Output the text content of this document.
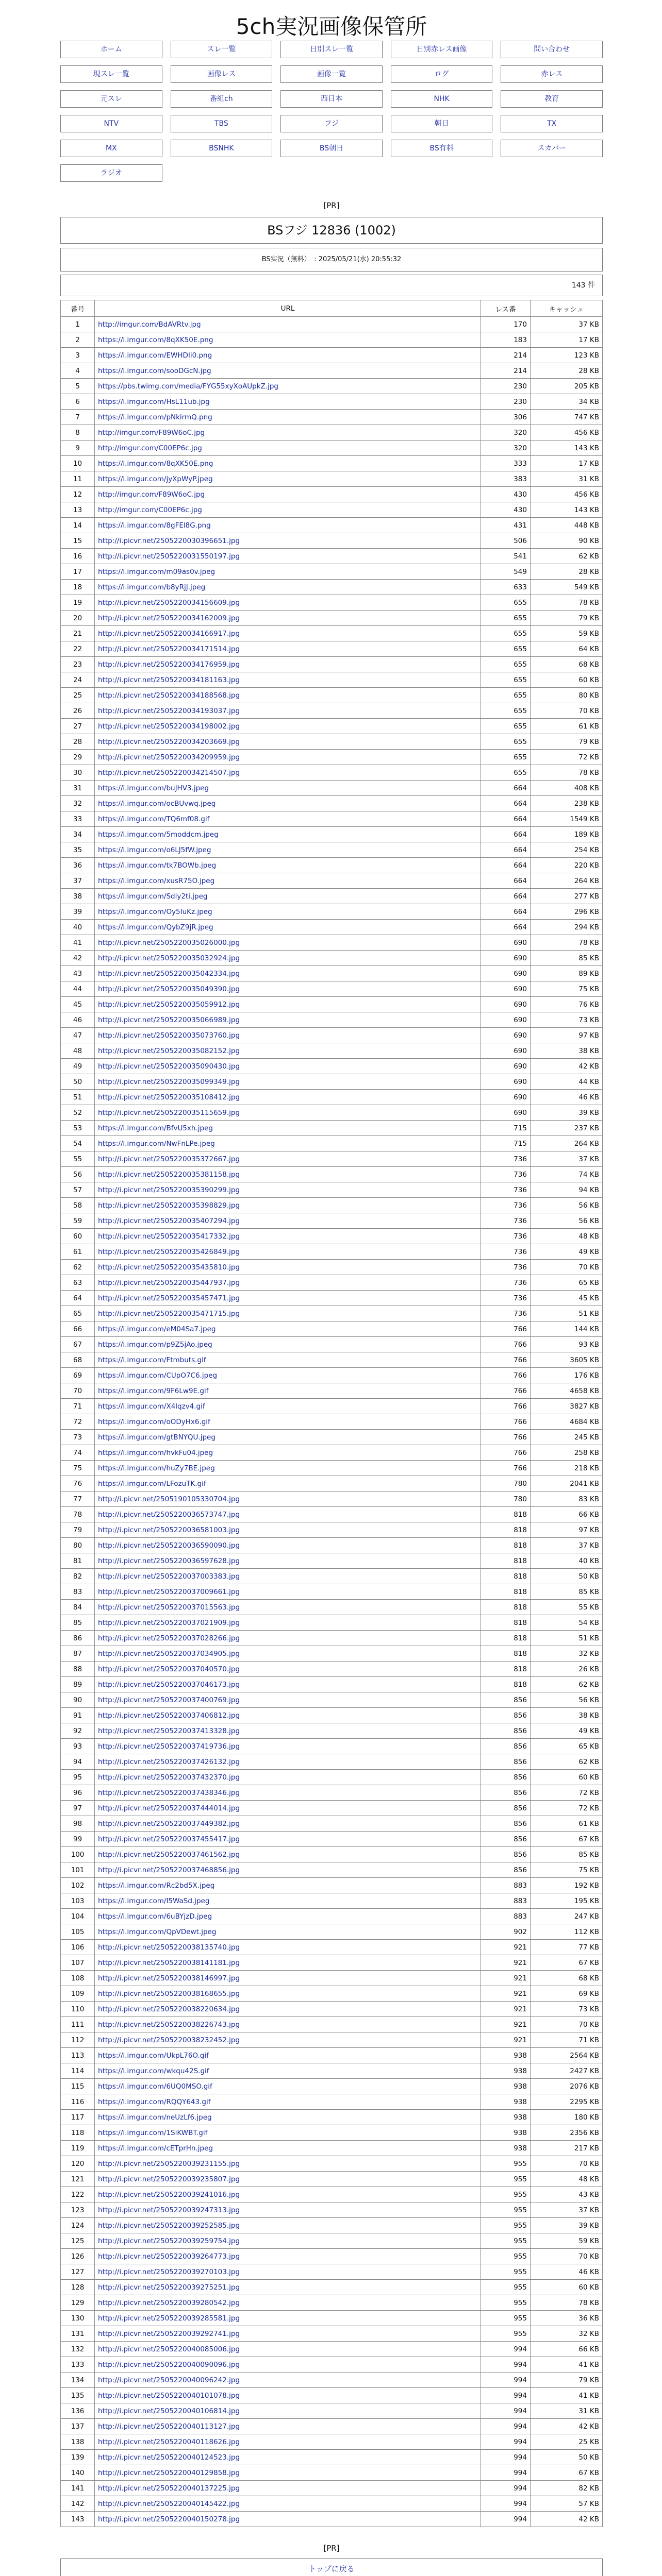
5ch実況画像保管所
ホーム	スレ一覧	日別スレ一覧	日別赤レス画像	問い合わせ
現スレ一覧	画像レス	画像一覧	ログ	赤レス
元スレ	番組ch	西日本	NHK	教育
NTV	TBS	フジ	朝日	TX
MX	BSNHK	BS朝日	BS有料	スカパー
ラジオ
[PR]
BSフジ 12836 (1002)
BS实況（無料）　: 2025/05/21(水) 20:55:32
143 件
番号	URL	レス番	キャッシュ
1	http://imgur.com/BdAVRtv.jpg	170	37 KB
2	https://i.imgur.com/8qXK50E.png	183	17 KB
3	https://i.imgur.com/EWHDIi0.png	214	123 KB
4	https://i.imgur.com/sooDGcN.jpg	214	28 KB
5	https://pbs.twimg.com/media/FYG55xyXoAUpkZ.jpg	230	205 KB
6	https://i.imgur.com/HsL11ub.jpg	230	34 KB
7	https://i.imgur.com/pNkirmQ.png	306	747 KB
8	http://imgur.com/F89W6oC.jpg	320	456 KB
9	http://imgur.com/C00EP6c.jpg	320	143 KB
10	https://i.imgur.com/8qXK50E.png	333	17 KB
11	https://i.imgur.com/jyXpWyP.jpeg	383	31 KB
12	http://imgur.com/F89W6oC.jpg	430	456 KB
13	http://imgur.com/C00EP6c.jpg	430	143 KB
14	https://i.imgur.com/8gFEl8G.png	431	448 KB
15	http://i.picvr.net/2505220030396651.jpg	506	90 KB
16	http://i.picvr.net/2505220031550197.jpg	541	62 KB
17	https://i.imgur.com/m09as0v.jpeg	549	28 KB
18	https://i.imgur.com/b8yRjJ.jpeg	633	549 KB
19	http://i.picvr.net/2505220034156609.jpg	655	78 KB
20	http://i.picvr.net/2505220034162009.jpg	655	79 KB
21	http://i.picvr.net/2505220034166917.jpg	655	59 KB
22	http://i.picvr.net/2505220034171514.jpg	655	64 KB
23	http://i.picvr.net/2505220034176959.jpg	655	68 KB
24	http://i.picvr.net/2505220034181163.jpg	655	60 KB
25	http://i.picvr.net/2505220034188568.jpg	655	80 KB
26	http://i.picvr.net/2505220034193037.jpg	655	70 KB
27	http://i.picvr.net/2505220034198002.jpg	655	61 KB
28	http://i.picvr.net/2505220034203669.jpg	655	79 KB
29	http://i.picvr.net/2505220034209959.jpg	655	72 KB
30	http://i.picvr.net/2505220034214507.jpg	655	78 KB
31	https://i.imgur.com/buJHV3.jpeg	664	408 KB
32	https://i.imgur.com/ocBUvwq.jpeg	664	238 KB
33	https://i.imgur.com/TQ6mf08.gif	664	1549 KB
34	https://i.imgur.com/5moddcm.jpeg	664	189 KB
35	https://i.imgur.com/o6LJ5fW.jpeg	664	254 KB
36	https://i.imgur.com/tk7BOWb.jpeg	664	220 KB
37	https://i.imgur.com/xusR75O.jpeg	664	264 KB
38	https://i.imgur.com/Sdiy2ti.jpeg	664	277 KB
39	https://i.imgur.com/Oy5IuKz.jpeg	664	296 KB
40	https://i.imgur.com/QybZ9jR.jpeg	664	294 KB
41	http://i.picvr.net/2505220035026000.jpg	690	78 KB
42	http://i.picvr.net/2505220035032924.jpg	690	85 KB
43	http://i.picvr.net/2505220035042334.jpg	690	89 KB
44	http://i.picvr.net/2505220035049390.jpg	690	75 KB
45	http://i.picvr.net/2505220035059912.jpg	690	76 KB
46	http://i.picvr.net/2505220035066989.jpg	690	73 KB
47	http://i.picvr.net/2505220035073760.jpg	690	97 KB
48	http://i.picvr.net/2505220035082152.jpg	690	38 KB
49	http://i.picvr.net/2505220035090430.jpg	690	42 KB
50	http://i.picvr.net/2505220035099349.jpg	690	44 KB
51	http://i.picvr.net/2505220035108412.jpg	690	46 KB
52	http://i.picvr.net/2505220035115659.jpg	690	39 KB
53	https://i.imgur.com/BfvU5xh.jpeg	715	237 KB
54	https://i.imgur.com/NwFnLPe.jpeg	715	264 KB
55	http://i.picvr.net/2505220035372667.jpg	736	37 KB
56	http://i.picvr.net/2505220035381158.jpg	736	74 KB
57	http://i.picvr.net/2505220035390299.jpg	736	94 KB
58	http://i.picvr.net/2505220035398829.jpg	736	56 KB
59	http://i.picvr.net/2505220035407294.jpg	736	56 KB
60	http://i.picvr.net/2505220035417332.jpg	736	48 KB
61	http://i.picvr.net/2505220035426849.jpg	736	49 KB
62	http://i.picvr.net/2505220035435810.jpg	736	70 KB
63	http://i.picvr.net/2505220035447937.jpg	736	65 KB
64	http://i.picvr.net/2505220035457471.jpg	736	45 KB
65	http://i.picvr.net/2505220035471715.jpg	736	51 KB
66	https://i.imgur.com/eM04Sa7.jpeg	766	144 KB
67	https://i.imgur.com/p9Z5jAo.jpeg	766	93 KB
68	https://i.imgur.com/Ftmbuts.gif	766	3605 KB
69	https://i.imgur.com/CUpO7C6.jpeg	766	176 KB
70	https://i.imgur.com/9F6Lw9E.gif	766	4658 KB
71	https://i.imgur.com/X4lqzv4.gif	766	3827 KB
72	https://i.imgur.com/oODyHx6.gif	766	4684 KB
73	https://i.imgur.com/gtBNYQU.jpeg	766	245 KB
74	https://i.imgur.com/hvkFu04.jpeg	766	258 KB
75	https://i.imgur.com/huZy7BE.jpeg	766	218 KB
76	https://i.imgur.com/LFozuTK.gif	780	2041 KB
77	http://i.picvr.net/2505190105330704.jpg	780	83 KB
78	http://i.picvr.net/2505220036573747.jpg	818	66 KB
79	http://i.picvr.net/2505220036581003.jpg	818	97 KB
80	http://i.picvr.net/2505220036590090.jpg	818	37 KB
81	http://i.picvr.net/2505220036597628.jpg	818	40 KB
82	http://i.picvr.net/2505220037003383.jpg	818	50 KB
83	http://i.picvr.net/2505220037009661.jpg	818	85 KB
84	http://i.picvr.net/2505220037015563.jpg	818	55 KB
85	http://i.picvr.net/2505220037021909.jpg	818	54 KB
86	http://i.picvr.net/2505220037028266.jpg	818	51 KB
87	http://i.picvr.net/2505220037034905.jpg	818	32 KB
88	http://i.picvr.net/2505220037040570.jpg	818	26 KB
89	http://i.picvr.net/2505220037046173.jpg	818	62 KB
90	http://i.picvr.net/2505220037400769.jpg	856	56 KB
91	http://i.picvr.net/2505220037406812.jpg	856	38 KB
92	http://i.picvr.net/2505220037413328.jpg	856	49 KB
93	http://i.picvr.net/2505220037419736.jpg	856	65 KB
94	http://i.picvr.net/2505220037426132.jpg	856	62 KB
95	http://i.picvr.net/2505220037432370.jpg	856	60 KB
96	http://i.picvr.net/2505220037438346.jpg	856	72 KB
97	http://i.picvr.net/2505220037444014.jpg	856	72 KB
98	http://i.picvr.net/2505220037449382.jpg	856	61 KB
99	http://i.picvr.net/2505220037455417.jpg	856	67 KB
100	http://i.picvr.net/2505220037461562.jpg	856	85 KB
101	http://i.picvr.net/2505220037468856.jpg	856	75 KB
102	https://i.imgur.com/Rc2bd5X.jpeg	883	192 KB
103	https://i.imgur.com/I5WaSd.jpeg	883	195 KB
104	https://i.imgur.com/6uBYjzD.jpeg	883	247 KB
105	https://i.imgur.com/QpVDewt.jpeg	902	112 KB
106	http://i.picvr.net/2505220038135740.jpg	921	77 KB
107	http://i.picvr.net/2505220038141181.jpg	921	67 KB
108	http://i.picvr.net/2505220038146997.jpg	921	68 KB
109	http://i.picvr.net/2505220038168655.jpg	921	69 KB
110	http://i.picvr.net/2505220038220634.jpg	921	73 KB
111	http://i.picvr.net/2505220038226743.jpg	921	70 KB
112	http://i.picvr.net/2505220038232452.jpg	921	71 KB
113	https://i.imgur.com/UkpL76O.gif	938	2564 KB
114	https://i.imgur.com/wkqu42S.gif	938	2427 KB
115	https://i.imgur.com/6UQ0MSO.gif	938	2076 KB
116	https://i.imgur.com/RQQY643.gif	938	2295 KB
117	https://i.imgur.com/neUzLf6.jpeg	938	180 KB
118	https://i.imgur.com/1SiKWBT.gif	938	2356 KB
119	https://i.imgur.com/cETprHn.jpeg	938	217 KB
120	http://i.picvr.net/2505220039231155.jpg	955	70 KB
121	http://i.picvr.net/2505220039235807.jpg	955	48 KB
122	http://i.picvr.net/2505220039241016.jpg	955	43 KB
123	http://i.picvr.net/2505220039247313.jpg	955	37 KB
124	http://i.picvr.net/2505220039252585.jpg	955	39 KB
125	http://i.picvr.net/2505220039259754.jpg	955	59 KB
126	http://i.picvr.net/2505220039264773.jpg	955	70 KB
127	http://i.picvr.net/2505220039270103.jpg	955	46 KB
128	http://i.picvr.net/2505220039275251.jpg	955	60 KB
129	http://i.picvr.net/2505220039280542.jpg	955	78 KB
130	http://i.picvr.net/2505220039285581.jpg	955	36 KB
131	http://i.picvr.net/2505220039292741.jpg	955	32 KB
132	http://i.picvr.net/2505220040085006.jpg	994	66 KB
133	http://i.picvr.net/2505220040090096.jpg	994	41 KB
134	http://i.picvr.net/2505220040096242.jpg	994	79 KB
135	http://i.picvr.net/2505220040101078.jpg	994	41 KB
136	http://i.picvr.net/2505220040106814.jpg	994	31 KB
137	http://i.picvr.net/2505220040113127.jpg	994	42 KB
138	http://i.picvr.net/2505220040118626.jpg	994	25 KB
139	http://i.picvr.net/2505220040124523.jpg	994	50 KB
140	http://i.picvr.net/2505220040129858.jpg	994	67 KB
141	http://i.picvr.net/2505220040137225.jpg	994	82 KB
142	http://i.picvr.net/2505220040145422.jpg	994	57 KB
143	http://i.picvr.net/2505220040150278.jpg	994	42 KB
[PR]
トップに戻る
